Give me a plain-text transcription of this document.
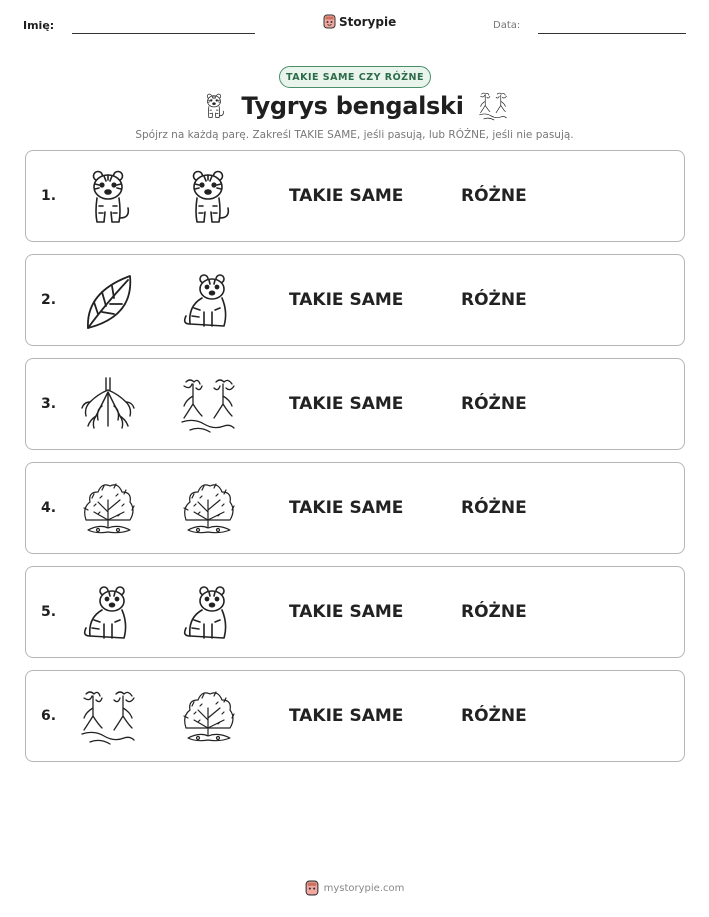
Imię:	Storypie	Data:
TAKIE SAME CZY RÓŻNE
Tygrys bengalski
Spójrz na każdą parę. Zakreśl TAKIE SAME, jeśli pasują, lub RÓŻNE, jeśli nie pasują.
1.	TAKIE SAME	RÓŻNE
2.	TAKIE SAME	RÓŻNE
3.	TAKIE SAME	RÓŻNE
4.	TAKIE SAME	RÓŻNE
5.	TAKIE SAME	RÓŻNE
6.	TAKIE SAME	RÓŻNE
mystorypie.com
